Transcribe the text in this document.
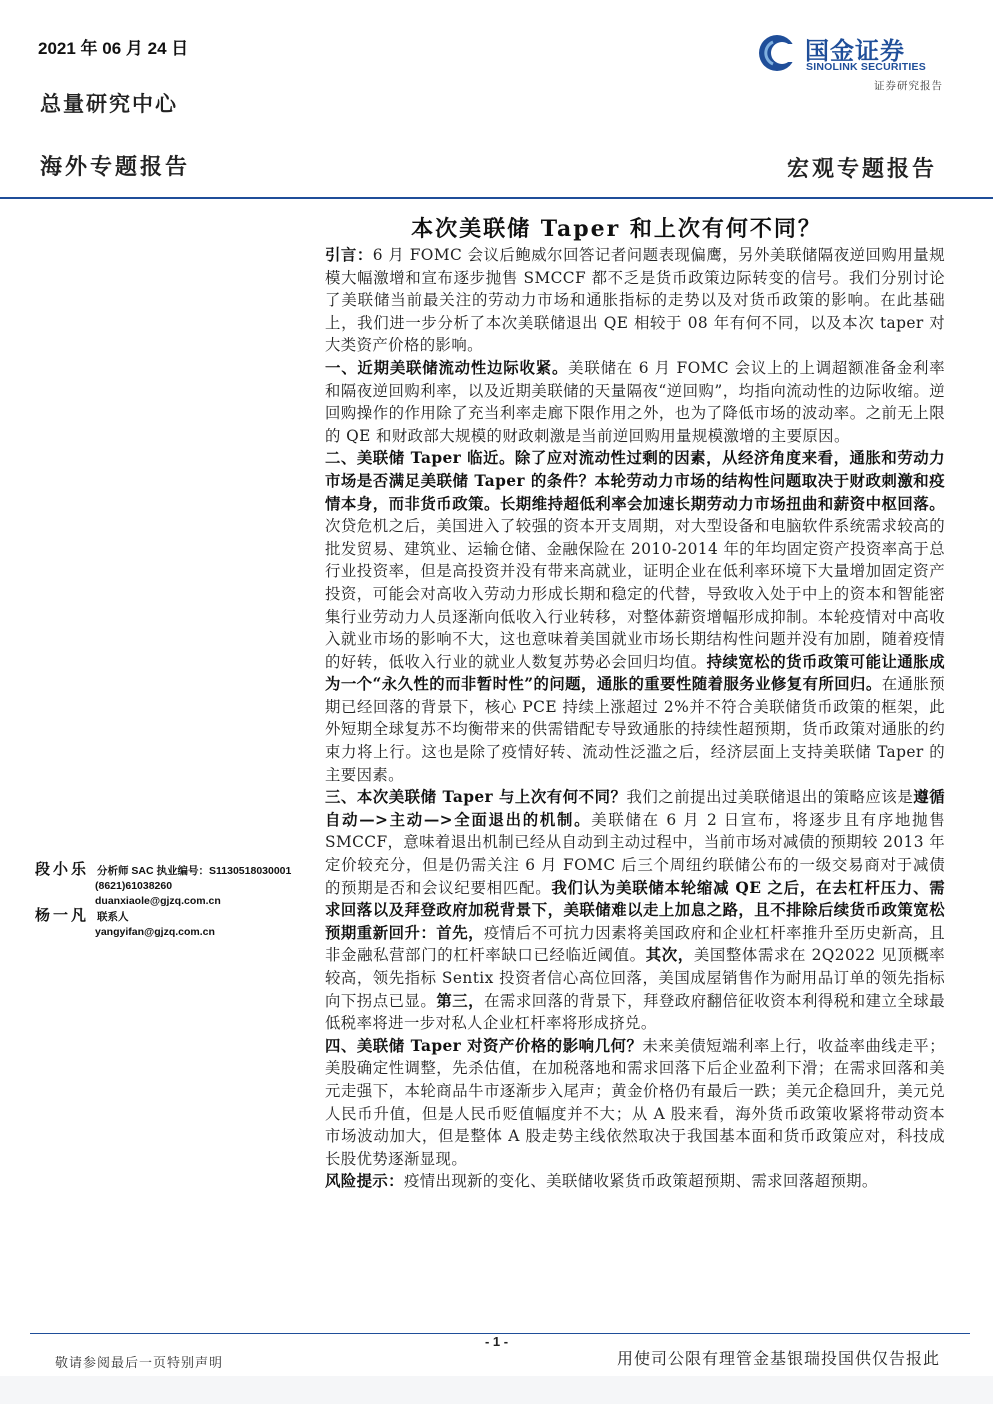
2021 年 06 月 24 日
总量研究中心
国金证券
SINOLINK SECURITIES
证券研究报告
海外专题报告	宏观专题报告
本次美联储 Taper 和上次有何不同？

引言：6 月 FOMC 会议后鲍威尔回答记者问题表现偏鹰，另外美联储隔夜逆回购用量规模大幅激增和宣布逐步抛售 SMCCF 都不乏是货币政策边际转变的信号。我们分别讨论了美联储当前最关注的劳动力市场和通胀指标的走势以及对货币政策的影响。在此基础上，我们进一步分析了本次美联储退出 QE 相较于 08 年有何不同，以及本次 taper 对大类资产价格的影响。

一、近期美联储流动性边际收紧。美联储在 6 月 FOMC 会议上的上调超额准备金利率和隔夜逆回购利率，以及近期美联储的天量隔夜“逆回购”，均指向流动性的边际收缩。逆回购操作的作用除了充当利率走廊下限作用之外，也为了降低市场的波动率。之前无上限的 QE 和财政部大规模的财政刺激是当前逆回购用量规模激增的主要原因。

二、美联储 Taper 临近。除了应对流动性过剩的因素，从经济角度来看，通胀和劳动力市场是否满足美联储 Taper 的条件？本轮劳动力市场的结构性问题取决于财政刺激和疫情本身，而非货币政策。长期维持超低利率会加速长期劳动力市场扭曲和薪资中枢回落。次贷危机之后，美国进入了较强的资本开支周期，对大型设备和电脑软件系统需求较高的批发贸易、建筑业、运输仓储、金融保险在 2010-2014 年的年均固定资产投资率高于总行业投资率，但是高投资并没有带来高就业，证明企业在低利率环境下大量增加固定资产投资，可能会对高收入劳动力形成长期和稳定的代替，导致收入处于中上的资本和智能密集行业劳动力人员逐渐向低收入行业转移，对整体薪资增幅形成抑制。本轮疫情对中高收入就业市场的影响不大，这也意味着美国就业市场长期结构性问题并没有加剧，随着疫情的好转，低收入行业的就业人数复苏势必会回归均值。持续宽松的货币政策可能让通胀成为一个“永久性的而非暂时性”的问题，通胀的重要性随着服务业修复有所回归。在通胀预期已经回落的背景下，核心 PCE 持续上涨超过 2%并不符合美联储货币政策的框架，此外短期全球复苏不均衡带来的供需错配专导致通胀的持续性超预期，货币政策对通胀的约束力将上行。这也是除了疫情好转、流动性泛滥之后，经济层面上支持美联储 Taper 的主要因素。

三、本次美联储 Taper 与上次有何不同？我们之前提出过美联储退出的策略应该是遵循自动—>主动—>全面退出的机制。美联储在 6 月 2 日宣布，将逐步且有序地抛售 SMCCF，意味着退出机制已经从自动到主动过程中，当前市场对减债的预期较 2013 年定价较充分，但是仍需关注 6 月 FOMC 后三个周纽约联储公布的一级交易商对于减债的预期是否和会议纪要相匹配。我们认为美联储本轮缩减 QE 之后，在去杠杆压力、需求回落以及拜登政府加税背景下，美联储难以走上加息之路，且不排除后续货币政策宽松预期重新回升：首先，疫情后不可抗力因素将美国政府和企业杠杆率推升至历史新高，且非金融私营部门的杠杆率缺口已经临近阈值。其次，美国整体需求在 2Q2022 见顶概率较高，领先指标 Sentix 投资者信心高位回落，美国成屋销售作为耐用品订单的领先指标向下拐点已显。第三，在需求回落的背景下，拜登政府翻倍征收资本利得税和建立全球最低税率将进一步对私人企业杠杆率将形成挤兑。

四、美联储 Taper 对资产价格的影响几何？未来美债短端利率上行，收益率曲线走平；美股确定性调整，先杀估值，在加税落地和需求回落下后企业盈利下滑；在需求回落和美元走强下，本轮商品牛市逐渐步入尾声；黄金价格仍有最后一跌；美元企稳回升，美元兑人民币升值，但是人民币贬值幅度并不大；从 A 股来看，海外货币政策收紧将带动资本市场波动加大，但是整体 A 股走势主线依然取决于我国基本面和货币政策应对，科技成长股优势逐渐显现。

风险提示：疫情出现新的变化、美联储收紧货币政策超预期、需求回落超预期。

段小乐 分析师 SAC 执业编号：S1130518030001
(8621)61038260
duanxiaole@gjzq.com.cn
杨一凡 联系人
yangyifan@gjzq.com.cn
- 1 -
敬请参阅最后一页特别声明	用使司公限有理管金基银瑞投国供仅告报此
